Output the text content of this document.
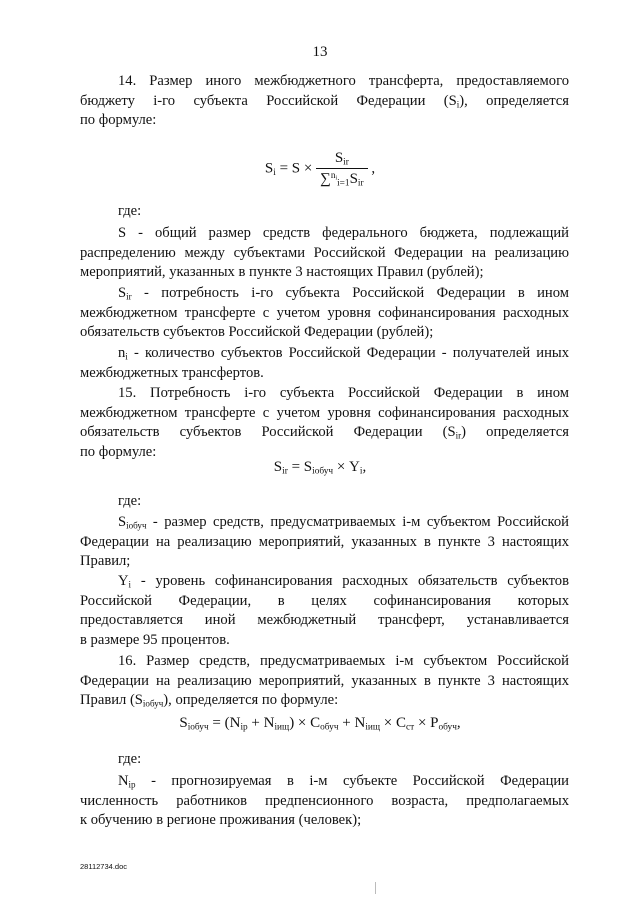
13
14. Размер иного межбюджетного трансферта, предоставляемого
бюджету i-го субъекта Российской Федерации $(S_i)$, определяется
по формуле:
$S_i = S \times \frac{S_{ir}}{\sum^{n_i}_{i=1}S_{ir}}$ ,
где:
S - общий размер средств федерального бюджета, подлежащий
распределению между субъектами Российской Федерации на реализацию
мероприятий, указанных в пункте 3 настоящих Правил (рублей);
$S_{ir}$ - потребность i-го субъекта Российской Федерации в ином
межбюджетном трансферте с учетом уровня софинансирования расходных
обязательств субъектов Российской Федерации (рублей);
$n_i$ - количество субъектов Российской Федерации - получателей иных
межбюджетных трансфертов.
15. Потребность i-го субъекта Российской Федерации в ином
межбюджетном трансферте с учетом уровня софинансирования расходных
обязательств субъектов Российской Федерации $(S_{ir})$ определяется
по формуле:
$S_{ir} = S_{iобуч} \times Y_i$,
где:
$S_{iобуч}$ - размер средств, предусматриваемых i-м субъектом Российской
Федерации на реализацию мероприятий, указанных в пункте 3 настоящих
Правил;
$Y_i$ - уровень софинансирования расходных обязательств субъектов
Российской Федерации, в целях софинансирования которых
предоставляется иной межбюджетный трансферт, устанавливается
в размере 95 процентов.
16. Размер средств, предусматриваемых i-м субъектом Российской
Федерации на реализацию мероприятий, указанных в пункте 3 настоящих
Правил $(S_{iобуч})$, определяется по формуле:
$S_{iобуч} = (N_{ip} + N_{iищ}) \times C_{обуч} + N_{iищ} \times C_{ст} \times P_{обуч}$,
где:
$N_{ip}$ - прогнозируемая в i-м субъекте Российской Федерации
численность работников предпенсионного возраста, предполагаемых
к обучению в регионе проживания (человек);
28112734.doc
